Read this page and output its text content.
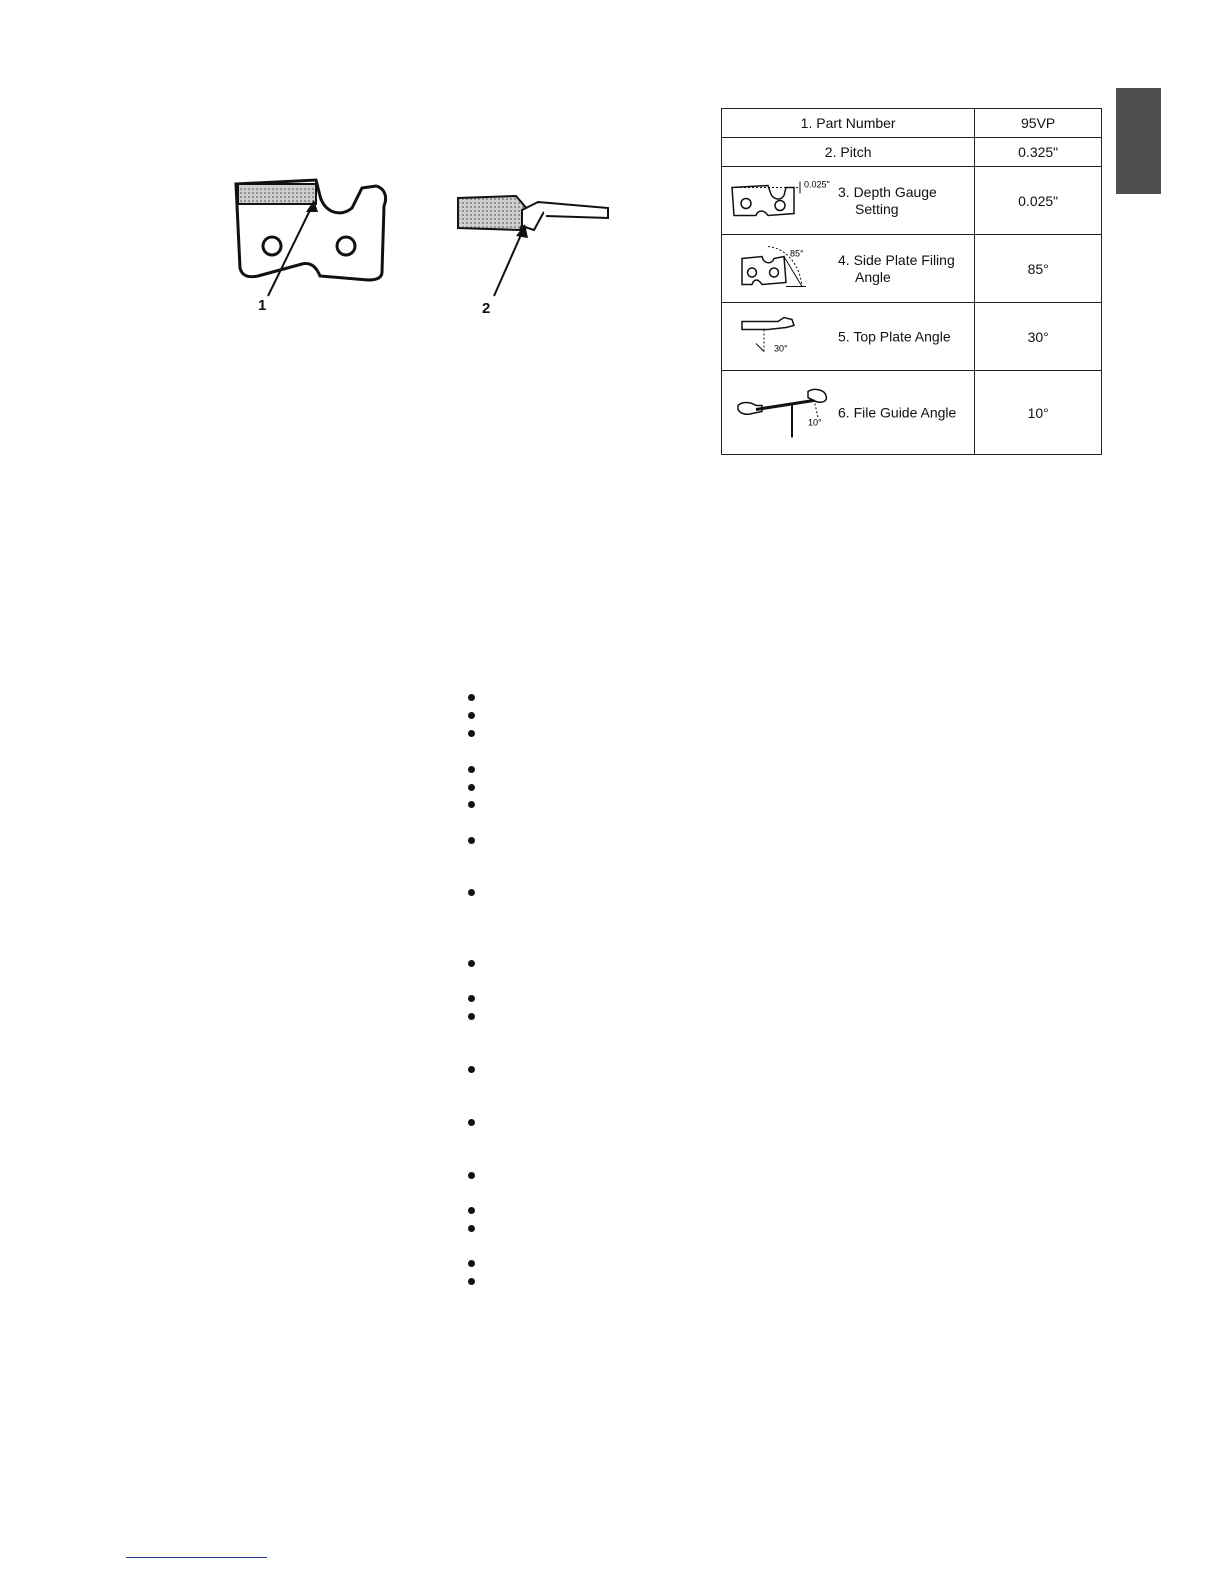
1	2
1. Part Number	95VP
2. Pitch	0.325"

0.025" 3. Depth Gauge
Setting	0.025"

85° 4. Side Plate Filing
Angle	85°

30°
5. Top Plate Angle	30°

10°
6. File Guide Angle	10°
